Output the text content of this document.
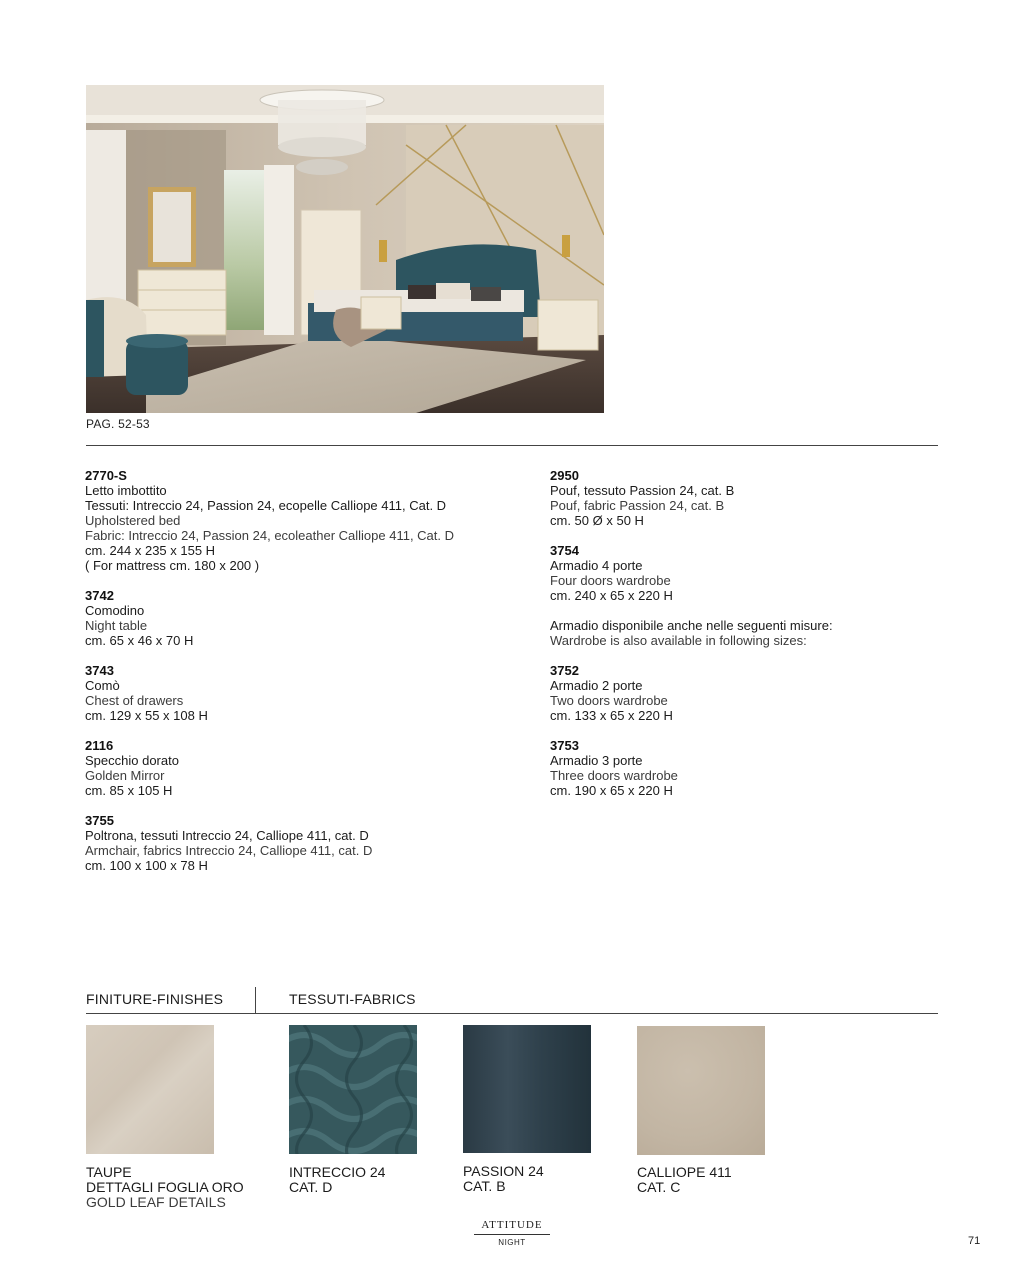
PAG. 52-53
2770-S
Letto imbottito
Tessuti: Intreccio 24, Passion 24, ecopelle Calliope 411, Cat. D
Upholstered bed
Fabric: Intreccio 24, Passion 24, ecoleather Calliope 411, Cat. D
cm. 244 x 235 x 155 H
( For mattress cm. 180 x 200 )
3742
Comodino
Night table
cm. 65 x 46 x 70 H
3743
Comò
Chest of drawers
cm. 129 x 55 x 108 H
2116
Specchio dorato
Golden Mirror
cm. 85 x 105 H
3755
Poltrona, tessuti Intreccio 24, Calliope 411, cat. D
Armchair, fabrics Intreccio 24, Calliope 411, cat. D
cm. 100 x 100 x 78 H
2950
Pouf, tessuto Passion 24, cat. B
Pouf, fabric Passion 24, cat. B
cm. 50 Ø x 50 H
3754
Armadio 4 porte
Four doors wardrobe
cm. 240 x 65 x 220 H
Armadio disponibile anche nelle seguenti misure:
Wardrobe is also available in following sizes:
3752
Armadio 2 porte
Two doors wardrobe
cm. 133 x 65 x 220 H
3753
Armadio 3 porte
Three doors wardrobe
cm. 190 x 65 x 220 H
FINITURE-FINISHES	TESSUTI-FABRICS
TAUPE
DETTAGLI FOGLIA ORO
GOLD LEAF DETAILS
INTRECCIO 24
CAT. D
PASSION 24
CAT. B
CALLIOPE 411
CAT. C
ATTITUDE
NIGHT	71
